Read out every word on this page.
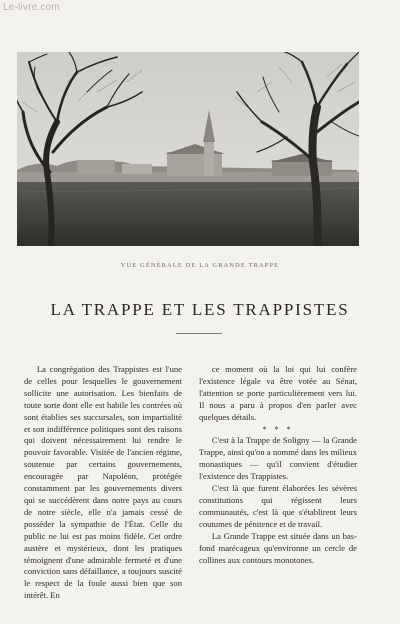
Le-livre.com
VUE GÉNÉRALE DE LA GRANDE TRAPPE
LA TRAPPE ET LES TRAPPISTES

La congrégation des Trappistes est l'une de celles pour lesquelles le gouvernement sollicite une autorisation. Les bienfaits de toute sorte dont elle est habile les contrées où sont établies ses succursales, son impartialité et son indifférence politiques sont des raisons qui doivent nécessairement lui rendre le pouvoir favorable. Visitée de l'ancien régime, soutenue par certains gouvernements, encouragée par Napoléon, protégée constamment par les gouvernements divers qui se succédèrent dans notre pays au cours de notre siècle, elle n'a jamais cessé de posséder la sympathie de l'État. Celle du public ne lui est pas moins fidèle. Cet ordre austère et mystérieux, dont les pratiques témoignent d'une admirable fermeté et d'une conviction sans défaillance, a toujours suscité le respect de la foule aussi bien que son intérêt. En

ce moment où la loi qui lui confère l'existence légale va être votée au Sénat, l'attention se porte particulièrement vers lui. Il nous a paru à propos d'en parler avec quelques détails.

* * *

C'est à la Trappe de Soligny — la Grande Trappe, ainsi qu'on a nommé dans les milieux monastiques — qu'il convient d'étudier l'existence des Trappistes.

C'est là que furent élaborées les sévères constitutions qui régissent leurs communautés, c'est là que s'établirent leurs coutumes de pénitence et de travail.

La Grande Trappe est située dans un bas-fond marécageux qu'environne un cercle de collines aux contours monotones.
